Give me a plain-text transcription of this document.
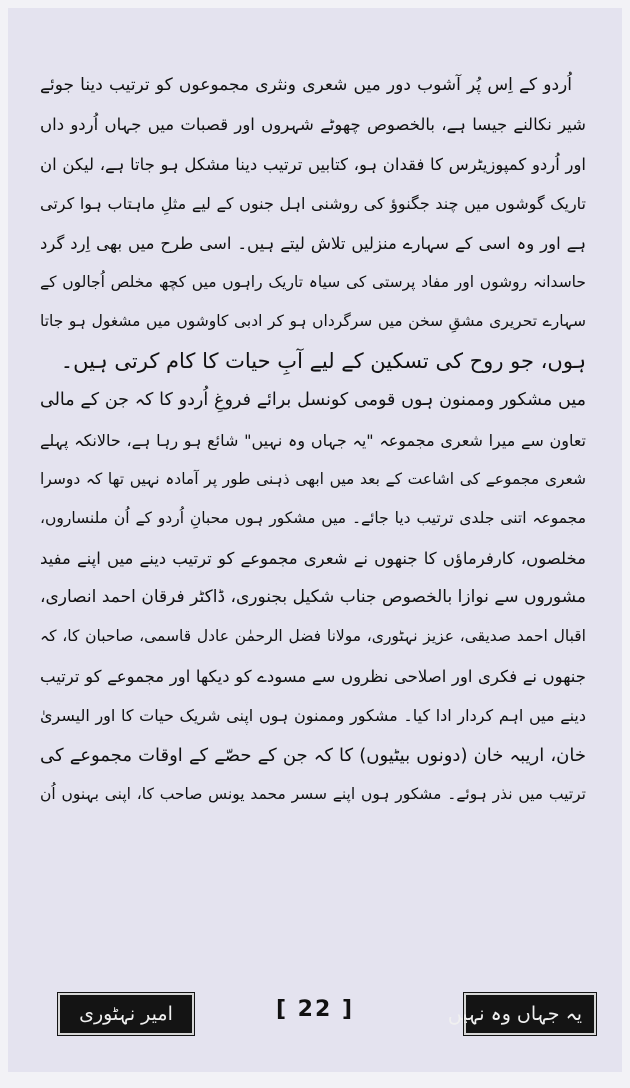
اُردو کے اِس پُر آشوب دور میں شعری ونثری مجموعوں کو ترتیب دینا جوئے
شیر نکالنے جیسا ہے، بالخصوص چھوٹے شہروں اور قصبات میں جہاں اُردو داں
اور اُردو کمپوزیٹرس کا فقدان ہو، کتابیں ترتیب دینا مشکل ہو جاتا ہے، لیکن ان
تاریک گوشوں میں چند جگنوؤ کی روشنی اہل جنوں کے لیے مثلِ ماہتاب ہوا کرتی
ہے اور وہ اسی کے سہارے منزلیں تلاش لیتے ہیں۔ اسی طرح میں بھی اِرد گرد
حاسدانہ روشوں اور مفاد پرستی کی سیاہ تاریک راہوں میں کچھ مخلص اُجالوں کے
سہارے تحریری مشقِ سخن میں سرگرداں ہو کر ادبی کاوشوں میں مشغول ہو جاتا
ہوں، جو روح کی تسکین کے لیے آبِ حیات کا کام کرتی ہیں۔
میں مشکور وممنون ہوں قومی کونسل برائے فروغِ اُردو کا کہ جن کے مالی
تعاون سے میرا شعری مجموعہ "یہ جہاں وہ نہیں" شائع ہو رہا ہے، حالانکہ پہلے
شعری مجموعے کی اشاعت کے بعد میں ابھی ذہنی طور پر آمادہ نہیں تھا کہ دوسرا
مجموعہ اتنی جلدی ترتیب دیا جائے۔ میں مشکور ہوں محبانِ اُردو کے اُن ملنساروں،
مخلصوں، کارفرماؤں کا جنھوں نے شعری مجموعے کو ترتیب دینے میں اپنے مفید
مشوروں سے نوازا بالخصوص جناب شکیل بجنوری، ڈاکٹر فرقان احمد انصاری،
اقبال احمد صدیقی، عزیز نہٹوری، مولانا فضل الرحمٰن عادل قاسمی، صاحبان کا، کہ
جنھوں نے فکری اور اصلاحی نظروں سے مسودے کو دیکھا اور مجموعے کو ترتیب
دینے میں اہم کردار ادا کیا۔ مشکور وممنون ہوں اپنی شریک حیات کا اور الیسریٰ
خان، اریبہ خان (دونوں بیٹیوں) کا کہ جن کے حصّے کے اوقات مجموعے کی
ترتیب میں نذر ہوئے۔ مشکور ہوں اپنے سسر محمد یونس صاحب کا، اپنی بہنوں اُن
امیر نہٹوری	[ 22 ]	یہ جہاں وہ نہیں
